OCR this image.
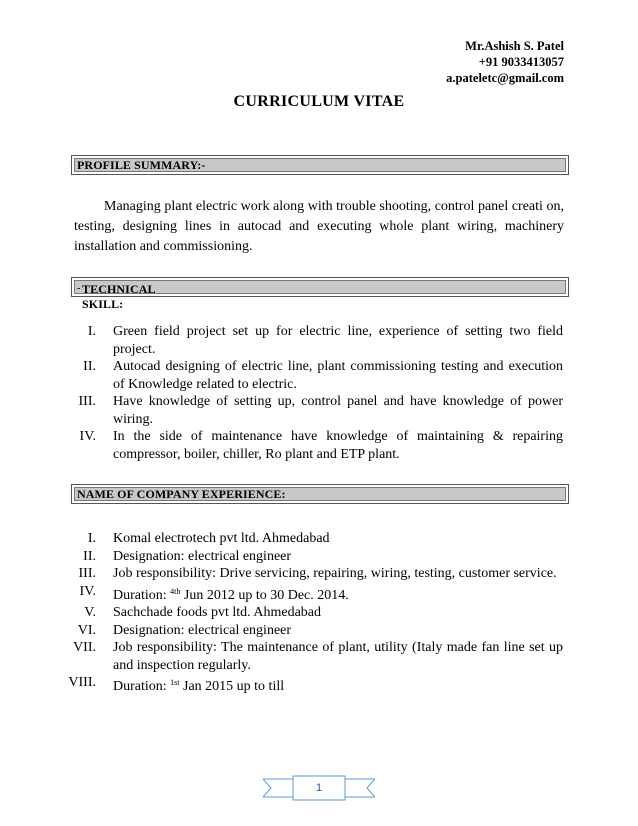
Mr.Ashish S. Patel
+91 9033413057
a.pateletc@gmail.com
CURRICULUM VITAE
PROFILE SUMMARY:-
Managing plant electric work along with trouble shooting, control panel creati on, testing, designing lines in autocad and executing whole plant wiring, machinery installation and commissioning.
TECHNICAL SKILL:
-
I. Green field project set up for electric line, experience of setting two field project.
II. Autocad designing of electric line, plant commissioning testing and execution of Knowledge related to electric.
III. Have knowledge of setting up, control panel and have knowledge of power wiring.
IV. In the side of maintenance have knowledge of maintaining & repairing compressor, boiler, chiller, Ro plant and ETP plant.
NAME OF COMPANY EXPERIENCE:
I. Komal electrotech pvt ltd. Ahmedabad
II. Designation: electrical engineer
III. Job responsibility: Drive servicing, repairing, wiring, testing, customer service.
IV. Duration: $^{4th}$ Jun 2012 up to 30 Dec. 2014.
V. Sachchade foods pvt ltd. Ahmedabad
VI. Designation: electrical engineer
VII. Job responsibility: The maintenance of plant, utility (Italy made fan line set up and inspection regularly.
VIII. Duration: $^{1st}$ Jan 2015 up to till
1
